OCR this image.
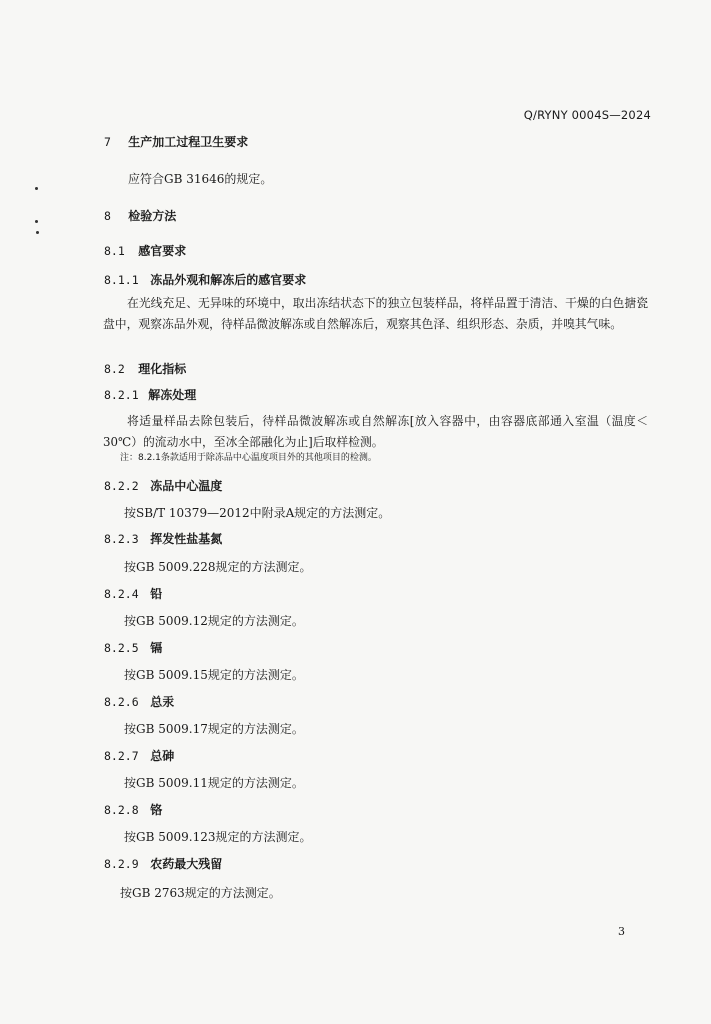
Q/RYNY 0004S—2024
7 生产加工过程卫生要求
应符合GB 31646的规定。
8 检验方法
8.1 感官要求
8.1.1 冻品外观和解冻后的感官要求
在光线充足、无异味的环境中，取出冻结状态下的独立包装样品，将样品置于清洁、干燥的白色搪瓷盘中，观察冻品外观，待样品微波解冻或自然解冻后，观察其色泽、组织形态、杂质，并嗅其气味。
8.2 理化指标
8.2.1 解冻处理
将适量样品去除包装后，待样品微波解冻或自然解冻[放入容器中，由容器底部通入室温（温度＜30℃）的流动水中，至冰全部融化为止]后取样检测。
注：8.2.1条款适用于除冻品中心温度项目外的其他项目的检测。
8.2.2 冻品中心温度
按SB/T 10379—2012中附录A规定的方法测定。
8.2.3 挥发性盐基氮
按GB 5009.228规定的方法测定。
8.2.4 铅
按GB 5009.12规定的方法测定。
8.2.5 镉
按GB 5009.15规定的方法测定。
8.2.6 总汞
按GB 5009.17规定的方法测定。
8.2.7 总砷
按GB 5009.11规定的方法测定。
8.2.8 铬
按GB 5009.123规定的方法测定。
8.2.9 农药最大残留
按GB 2763规定的方法测定。
3
